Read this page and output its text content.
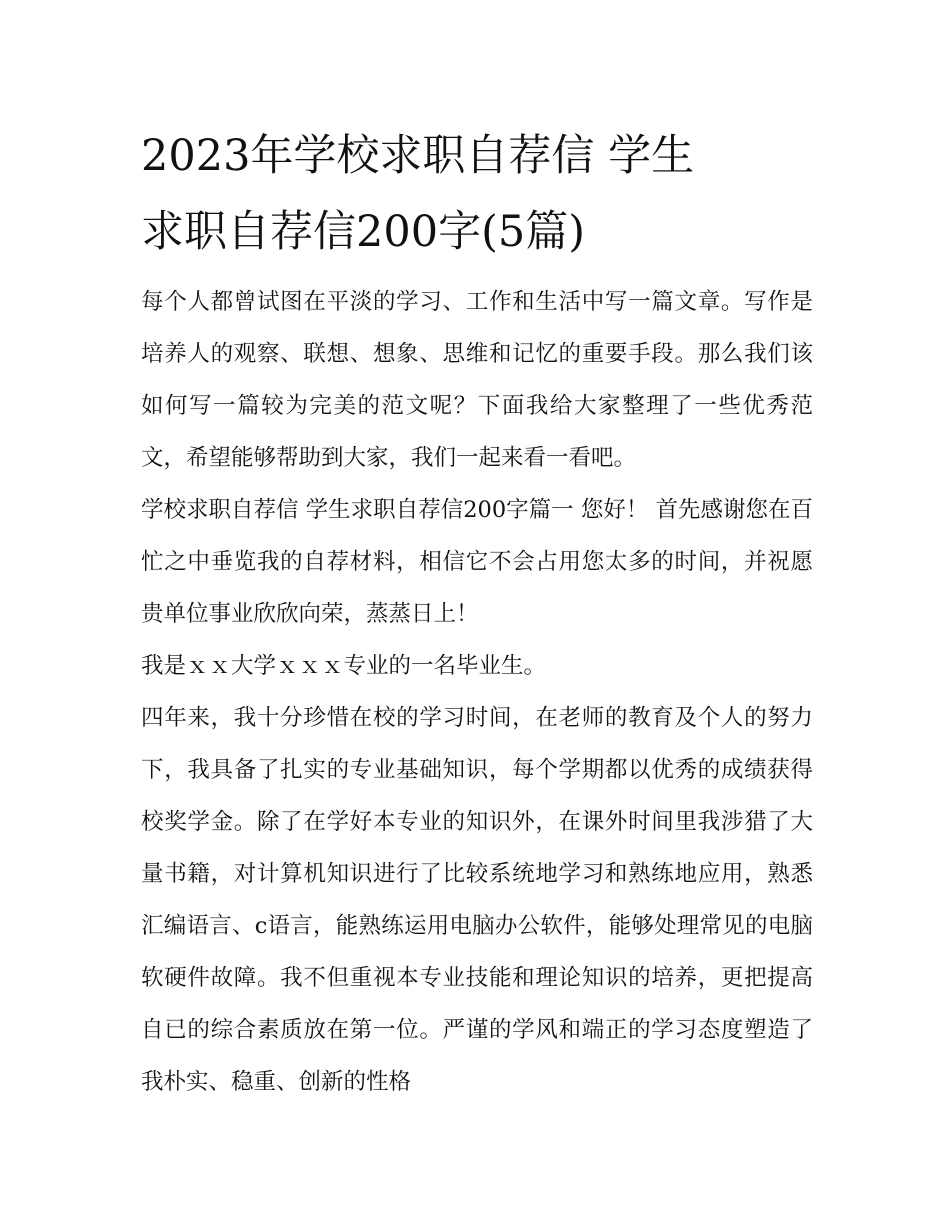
2023年学校求职自荐信 学生
求职自荐信200字(5篇)

每个人都曾试图在平淡的学习、工作和生活中写一篇文章。写作是培养人的观察、联想、想象、思维和记忆的重要手段。那么我们该如何写一篇较为完美的范文呢？下面我给大家整理了一些优秀范文，希望能够帮助到大家，我们一起来看一看吧。

学校求职自荐信 学生求职自荐信200字篇一 您好！ 首先感谢您在百忙之中垂览我的自荐材料，相信它不会占用您太多的时间，并祝愿贵单位事业欣欣向荣，蒸蒸日上！

我是ｘｘ大学ｘｘｘ专业的一名毕业生。

四年来，我十分珍惜在校的学习时间，在老师的教育及个人的努力下，我具备了扎实的专业基础知识，每个学期都以优秀的成绩获得校奖学金。除了在学好本专业的知识外，在课外时间里我涉猎了大量书籍，对计算机知识进行了比较系统地学习和熟练地应用，熟悉汇编语言、c语言，能熟练运用电脑办公软件，能够处理常见的电脑软硬件故障。我不但重视本专业技能和理论知识的培养，更把提高自已的综合素质放在第一位。严谨的学风和端正的学习态度塑造了我朴实、稳重、创新的性格
